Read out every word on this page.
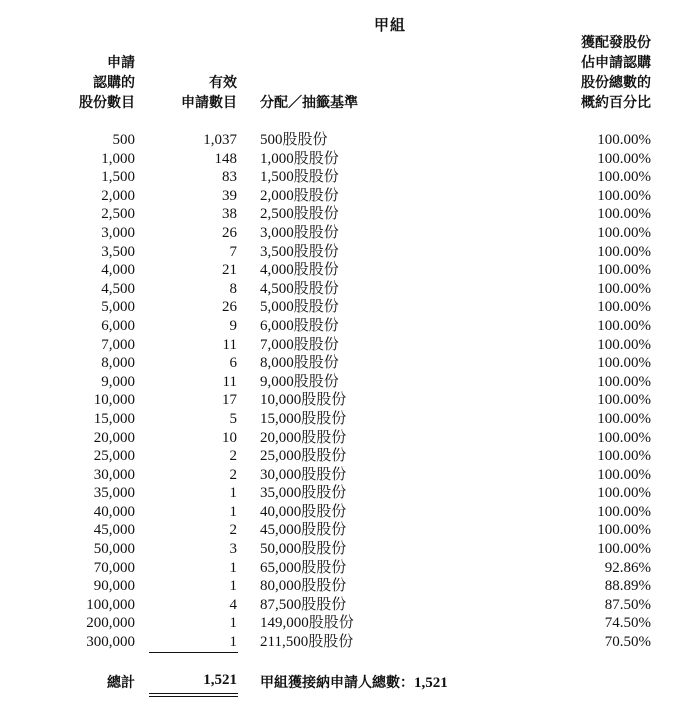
甲組
申請
認購的
股份數目
有效
申請數目 分配／抽籤基準
獲配發股份
佔申請認購
股份總數的
概約百分比
500	1,037 500股股份	100.00%
1,000	148 1,000股股份	100.00%
1,500	83 1,500股股份	100.00%
2,000	39 2,000股股份	100.00%
2,500	38 2,500股股份	100.00%
3,000	26 3,000股股份	100.00%
3,500	7 3,500股股份	100.00%
4,000	21 4,000股股份	100.00%
4,500	8 4,500股股份	100.00%
5,000	26 5,000股股份	100.00%
6,000	9 6,000股股份	100.00%
7,000	11 7,000股股份	100.00%
8,000	6 8,000股股份	100.00%
9,000	11 9,000股股份	100.00%
10,000	17 10,000股股份	100.00%
15,000	5 15,000股股份	100.00%
20,000	10 20,000股股份	100.00%
25,000	2 25,000股股份	100.00%
30,000	2 30,000股股份	100.00%
35,000	1 35,000股股份	100.00%
40,000	1 40,000股股份	100.00%
45,000	2 45,000股股份	100.00%
50,000	3 50,000股股份	100.00%
70,000	1 65,000股股份	92.86%
90,000	1 80,000股股份	88.89%
100,000	4 87,500股股份	87.50%
200,000	1 149,000股股份	74.50%
300,000	1 211,500股股份	70.50%
總計	1,521 甲組獲接納申請人總數：1,521
